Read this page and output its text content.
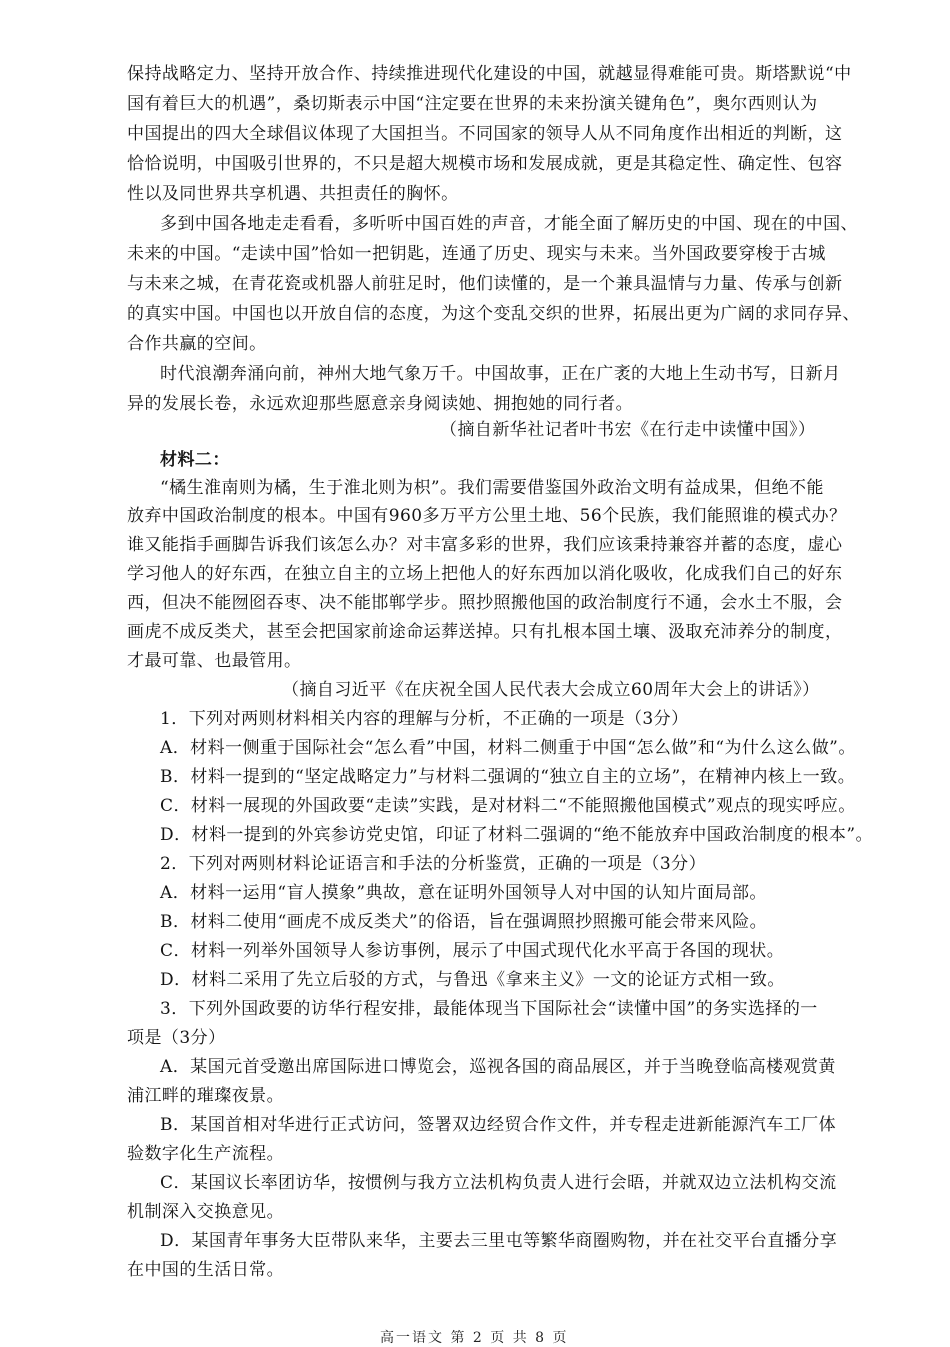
保持战略定力、坚持开放合作、持续推进现代化建设的中国，就越显得难能可贵。斯塔默说“中
国有着巨大的机遇”，桑切斯表示中国“注定要在世界的未来扮演关键角色”，奥尔西则认为
中国提出的四大全球倡议体现了大国担当。不同国家的领导人从不同角度作出相近的判断，这
恰恰说明，中国吸引世界的，不只是超大规模市场和发展成就，更是其稳定性、确定性、包容
性以及同世界共享机遇、共担责任的胸怀。
多到中国各地走走看看，多听听中国百姓的声音，才能全面了解历史的中国、现在的中国、
未来的中国。“走读中国”恰如一把钥匙，连通了历史、现实与未来。当外国政要穿梭于古城
与未来之城，在青花瓷或机器人前驻足时，他们读懂的，是一个兼具温情与力量、传承与创新
的真实中国。中国也以开放自信的态度，为这个变乱交织的世界，拓展出更为广阔的求同存异、
合作共赢的空间。
时代浪潮奔涌向前，神州大地气象万千。中国故事，正在广袤的大地上生动书写，日新月
异的发展长卷，永远欢迎那些愿意亲身阅读她、拥抱她的同行者。
（摘自新华社记者叶书宏《在行走中读懂中国》）
材料二：
“橘生淮南则为橘，生于淮北则为枳”。我们需要借鉴国外政治文明有益成果，但绝不能
放弃中国政治制度的根本。中国有960多万平方公里土地、56个民族，我们能照谁的模式办？
谁又能指手画脚告诉我们该怎么办？对丰富多彩的世界，我们应该秉持兼容并蓄的态度，虚心
学习他人的好东西，在独立自主的立场上把他人的好东西加以消化吸收，化成我们自己的好东
西，但决不能囫囵吞枣、决不能邯郸学步。照抄照搬他国的政治制度行不通，会水土不服，会
画虎不成反类犬，甚至会把国家前途命运葬送掉。只有扎根本国土壤、汲取充沛养分的制度，
才最可靠、也最管用。
（摘自习近平《在庆祝全国人民代表大会成立60周年大会上的讲话》）
1．下列对两则材料相关内容的理解与分析，不正确的一项是（3分）
A．材料一侧重于国际社会“怎么看”中国，材料二侧重于中国“怎么做”和“为什么这么做”。
B．材料一提到的“坚定战略定力”与材料二强调的“独立自主的立场”，在精神内核上一致。
C．材料一展现的外国政要“走读”实践，是对材料二“不能照搬他国模式”观点的现实呼应。
D．材料一提到的外宾参访党史馆，印证了材料二强调的“绝不能放弃中国政治制度的根本”。
2．下列对两则材料论证语言和手法的分析鉴赏，正确的一项是（3分）
A．材料一运用“盲人摸象”典故，意在证明外国领导人对中国的认知片面局部。
B．材料二使用“画虎不成反类犬”的俗语，旨在强调照抄照搬可能会带来风险。
C．材料一列举外国领导人参访事例，展示了中国式现代化水平高于各国的现状。
D．材料二采用了先立后驳的方式，与鲁迅《拿来主义》一文的论证方式相一致。
3．下列外国政要的访华行程安排，最能体现当下国际社会“读懂中国”的务实选择的一
项是（3分）
A．某国元首受邀出席国际进口博览会，巡视各国的商品展区，并于当晚登临高楼观赏黄
浦江畔的璀璨夜景。
B．某国首相对华进行正式访问，签署双边经贸合作文件，并专程走进新能源汽车工厂体
验数字化生产流程。
C．某国议长率团访华，按惯例与我方立法机构负责人进行会晤，并就双边立法机构交流
机制深入交换意见。
D．某国青年事务大臣带队来华，主要去三里屯等繁华商圈购物，并在社交平台直播分享
在中国的生活日常。
高一语文 第 2 页 共 8 页
